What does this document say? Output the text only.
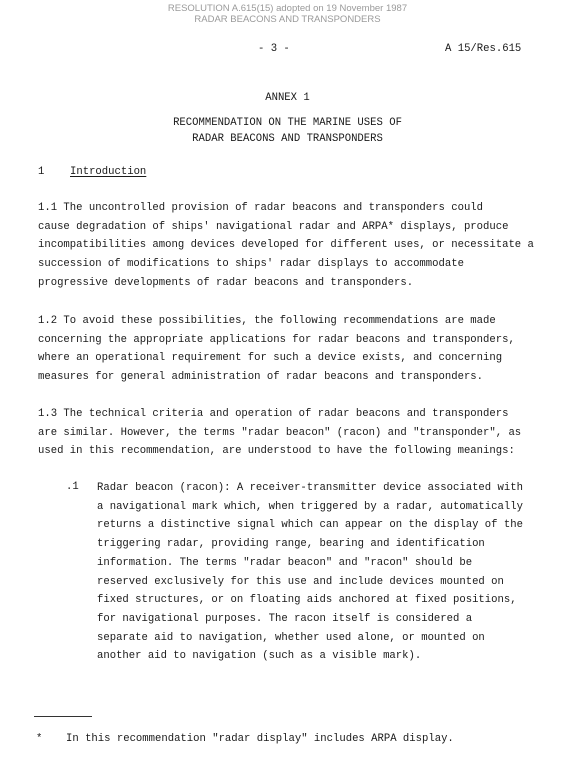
RESOLUTION A.615(15) adopted on 19 November 1987
RADAR BEACONS AND TRANSPONDERS
- 3 -	A 15/Res.615
ANNEX 1
RECOMMENDATION ON THE MARINE USES OF
RADAR BEACONS AND TRANSPONDERS
1 Introduction
1.1 The uncontrolled provision of radar beacons and transponders could
cause degradation of ships' navigational radar and ARPA* displays, produce
incompatibilities among devices developed for different uses, or necessitate a
succession of modifications to ships' radar displays to accommodate
progressive developments of radar beacons and transponders.
1.2 To avoid these possibilities, the following recommendations are made
concerning the appropriate applications for radar beacons and transponders,
where an operational requirement for such a device exists, and concerning
measures for general administration of radar beacons and transponders.
1.3 The technical criteria and operation of radar beacons and transponders
are similar. However, the terms "radar beacon" (racon) and "transponder", as
used in this recommendation, are understood to have the following meanings:
.1 Radar beacon (racon): A receiver-transmitter device associated with
a navigational mark which, when triggered by a radar, automatically
returns a distinctive signal which can appear on the display of the
triggering radar, providing range, bearing and identification
information. The terms "radar beacon" and "racon" should be
reserved exclusively for this use and include devices mounted on
fixed structures, or on floating aids anchored at fixed positions,
for navigational purposes. The racon itself is considered a
separate aid to navigation, whether used alone, or mounted on
another aid to navigation (such as a visible mark).
* In this recommendation "radar display" includes ARPA display.
